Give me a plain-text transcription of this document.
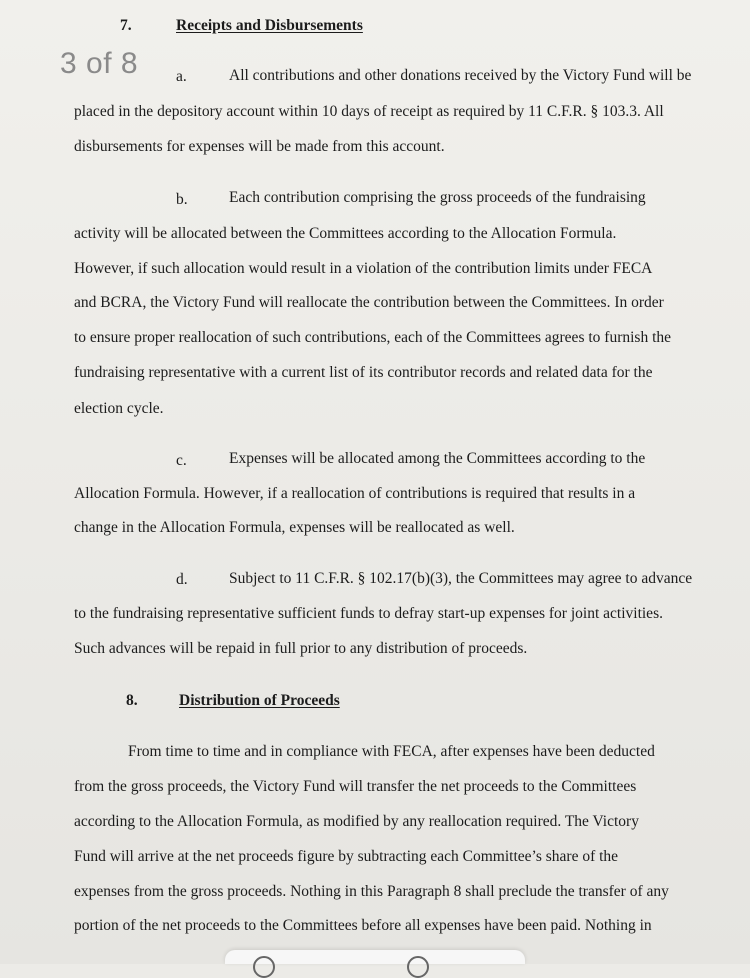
7.	Receipts and Disbursements
a.	All contributions and other donations received by the Victory Fund will be
placed in the depository account within 10 days of receipt as required by 11 C.F.R. § 103.3. All
disbursements for expenses will be made from this account.
b.	Each contribution comprising the gross proceeds of the fundraising
activity will be allocated between the Committees according to the Allocation Formula.
However, if such allocation would result in a violation of the contribution limits under FECA
and BCRA, the Victory Fund will reallocate the contribution between the Committees. In order
to ensure proper reallocation of such contributions, each of the Committees agrees to furnish the
fundraising representative with a current list of its contributor records and related data for the
election cycle.
c.	Expenses will be allocated among the Committees according to the
Allocation Formula. However, if a reallocation of contributions is required that results in a
change in the Allocation Formula, expenses will be reallocated as well.
d.	Subject to 11 C.F.R. § 102.17(b)(3), the Committees may agree to advance
to the fundraising representative sufficient funds to defray start-up expenses for joint activities.
Such advances will be repaid in full prior to any distribution of proceeds.
8.	Distribution of Proceeds
From time to time and in compliance with FECA, after expenses have been deducted
from the gross proceeds, the Victory Fund will transfer the net proceeds to the Committees
according to the Allocation Formula, as modified by any reallocation required. The Victory
Fund will arrive at the net proceeds figure by subtracting each Committee’s share of the
expenses from the gross proceeds. Nothing in this Paragraph 8 shall preclude the transfer of any
portion of the net proceeds to the Committees before all expenses have been paid. Nothing in
3 of 8
